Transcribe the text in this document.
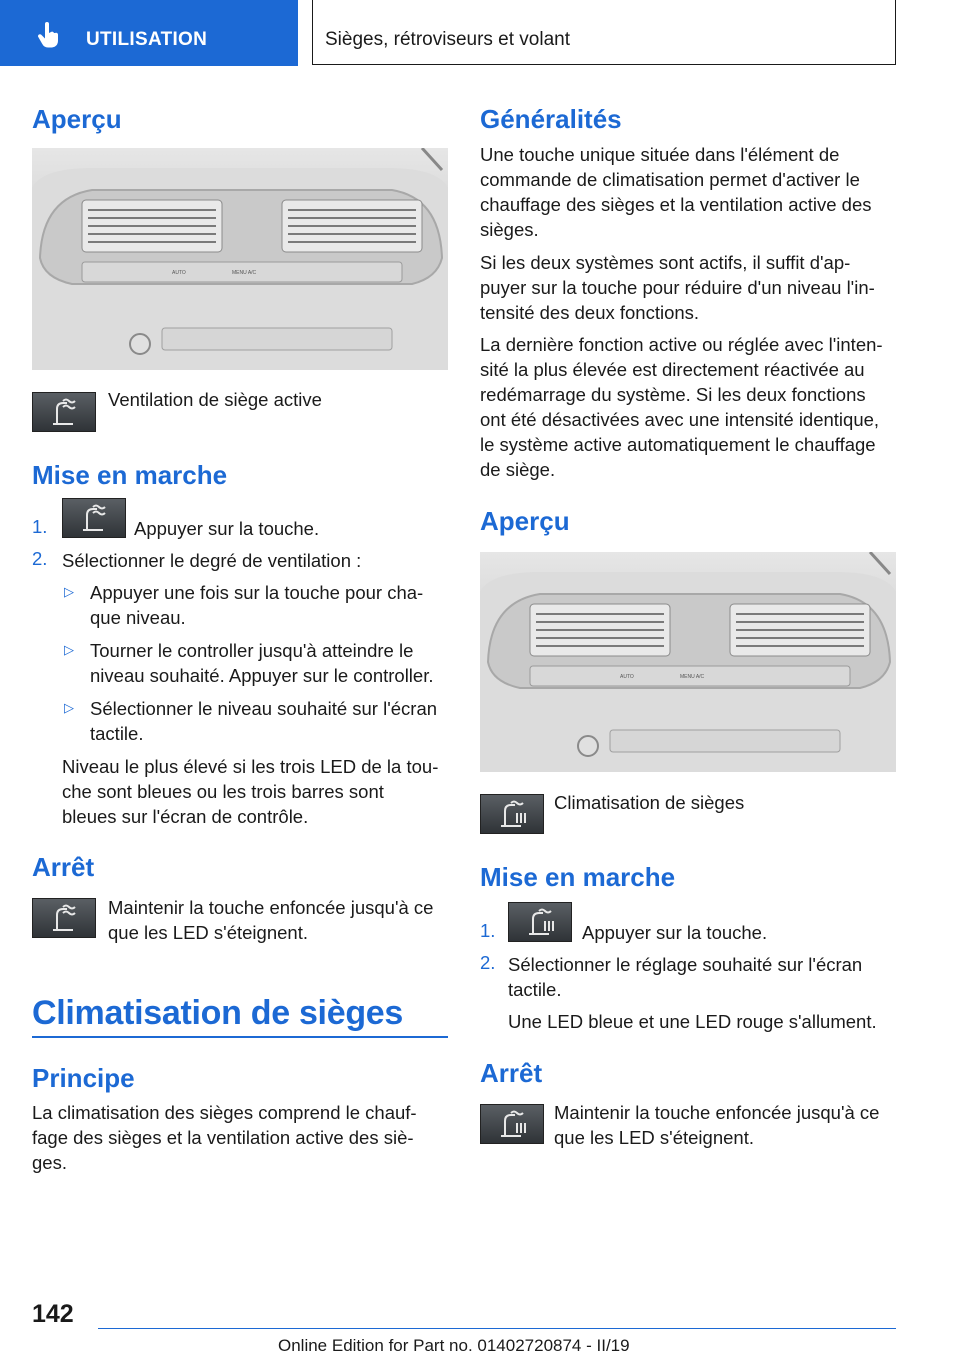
UTILISATION	Sièges, rétroviseurs et volant
Aperçu
MENU A/C
AUTO
Ventilation de siège active
Mise en marche
1.	Appuyer sur la touche.
2. Sélectionner le degré de ventilation :
▷ Appuyer une fois sur la touche pour cha‐
que niveau.
▷ Tourner le controller jusqu'à atteindre le
niveau souhaité. Appuyer sur le controller.
▷ Sélectionner le niveau souhaité sur l'écran
tactile.
Niveau le plus élevé si les trois LED de la tou‐
che sont bleues ou les trois barres sont
bleues sur l'écran de contrôle.
Arrêt
Maintenir la touche enfoncée jusqu'à ce
que les LED s'éteignent.
Climatisation de sièges
Principe
La climatisation des sièges comprend le chauf‐
fage des sièges et la ventilation active des siè‐
ges.
Généralités
Une touche unique située dans l'élément de
commande de climatisation permet d'activer le
chauffage des sièges et la ventilation active des
sièges.
Si les deux systèmes sont actifs, il suffit d'ap‐
puyer sur la touche pour réduire d'un niveau l'in‐
tensité des deux fonctions.
La dernière fonction active ou réglée avec l'inten‐
sité la plus élevée est directement réactivée au
redémarrage du système. Si les deux fonctions
ont été désactivées avec une intensité identique,
le système active automatiquement le chauffage
de siège.
Aperçu
MENU A/C
AUTO
Climatisation de sièges
Mise en marche
1.	Appuyer sur la touche.
2. Sélectionner le réglage souhaité sur l'écran
tactile.
Une LED bleue et une LED rouge s'allument.
Arrêt
Maintenir la touche enfoncée jusqu'à ce
que les LED s'éteignent.
142
Online Edition for Part no. 01402720874 - II/19
